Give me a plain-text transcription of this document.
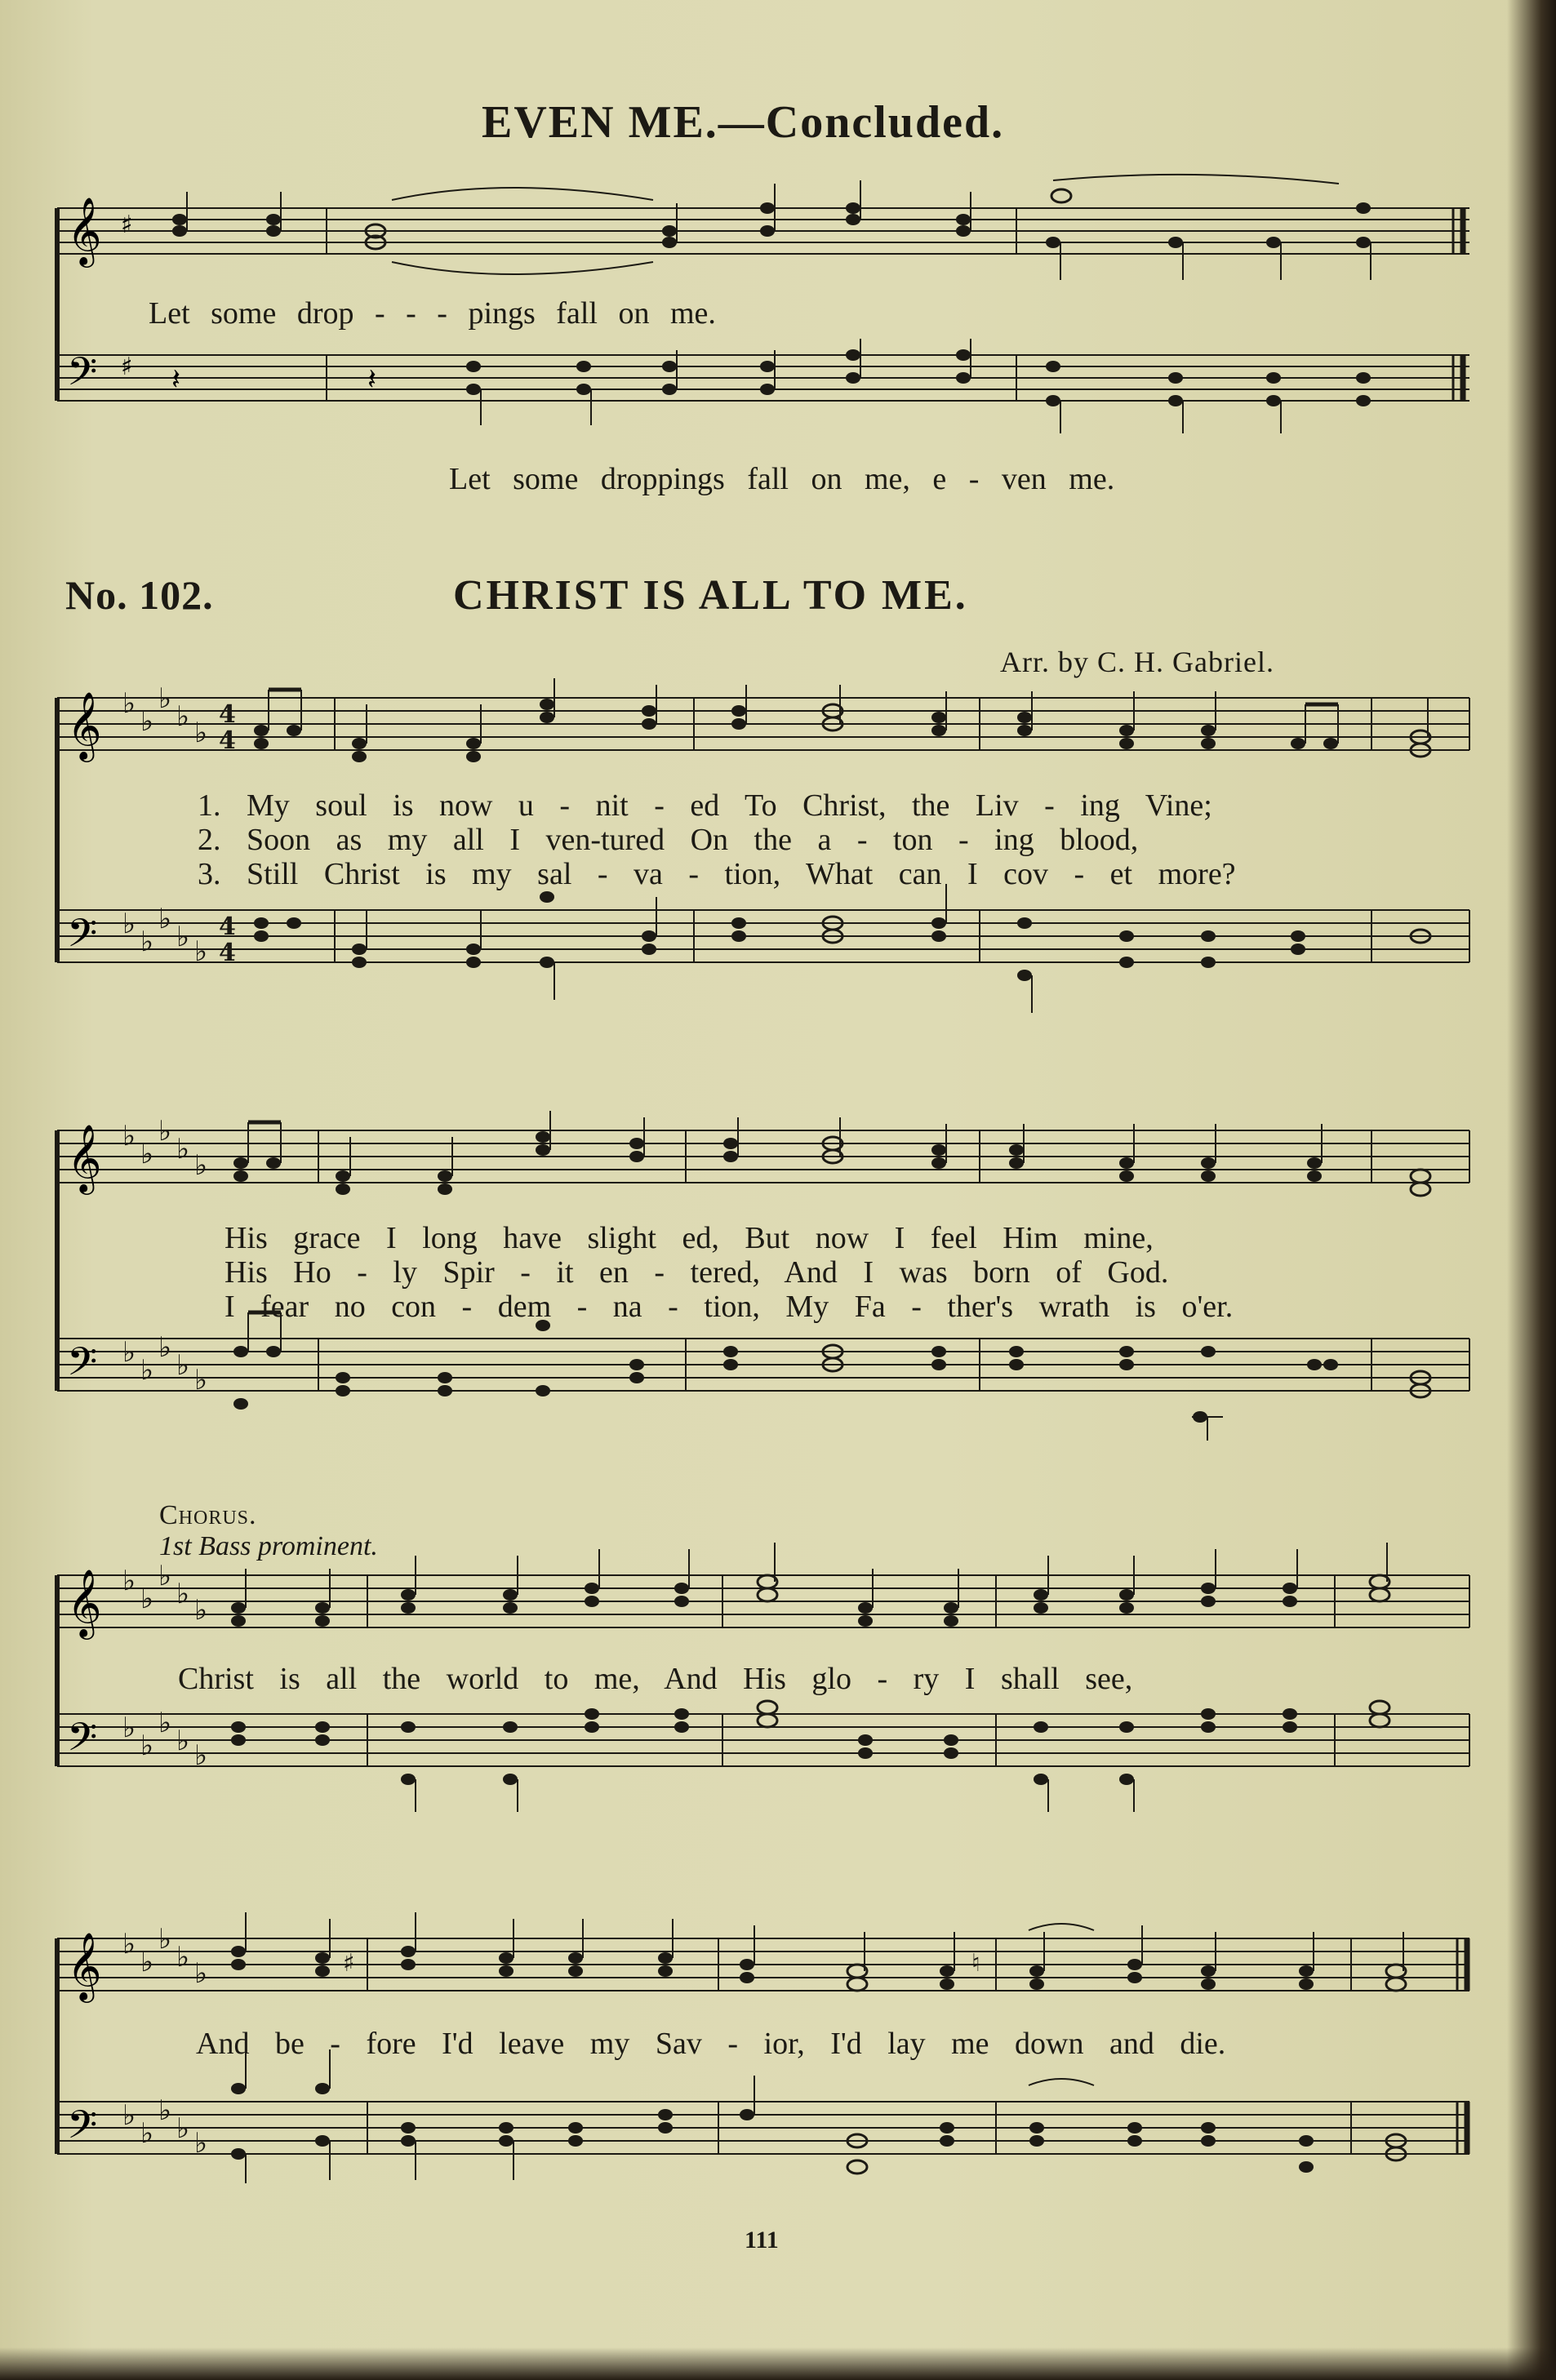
EVEN ME.—Concluded.
𝄞
𝄢
♯
♯ 𝄽	𝄽
Let some drop - - - pings fall on me.
Let some droppings fall on me, e - ven me.
No. 102.	CHRIST IS ALL TO ME.
Arr. by C. H. Gabriel.
𝄞
𝄢
♭
♭
♭
♭ ♭
♭
♭
♭
♭ ♭
4
4
4
4
1. My soul is now u - nit - ed To Christ, the Liv - ing Vine;
2. Soon as my all I ven-tured On the a - ton - ing blood,
3. Still Christ is my sal - va - tion, What can I cov - et more?
𝄞
𝄢
♭
♭
♭
♭ ♭
♭
♭
♭
♭ ♭
His grace I long have slight ed, But now I feel Him mine,
His Ho - ly Spir - it en - tered, And I was born of God.
I fear no con - dem - na - tion, My Fa - ther's wrath is o'er.
Chorus.
1st Bass prominent.
𝄞
𝄢
♭
♭
♭
♭ ♭
♭
♭
♭
♭ ♭
Christ is all the world to me, And His glo - ry I shall see,
𝄞
𝄢
♭
♭
♭
♭ ♭
♭
♭
♭
♭ ♭
♯	♮
And be - fore I'd leave my Sav - ior, I'd lay me down and die.
111
